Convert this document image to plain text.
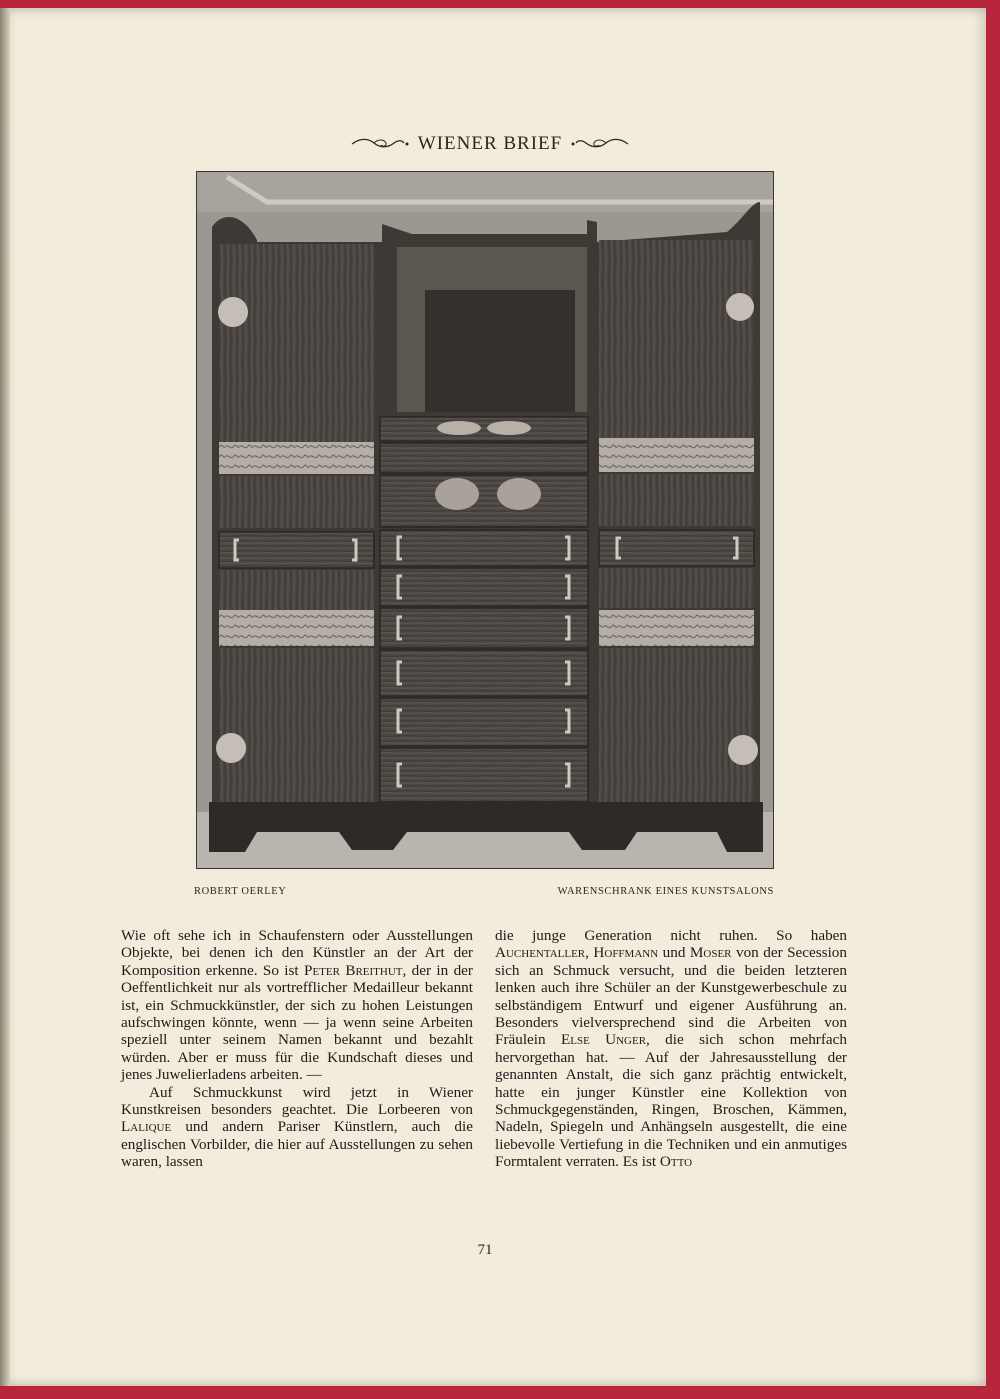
WIENER BRIEF
ROBERT OERLEY	WARENSCHRANK EINES KUNSTSALONS

Wie oft sehe ich in Schaufenstern oder Ausstellungen Objekte, bei denen ich den Künstler an der Art der Komposition erkenne. So ist Peter Breithut, der in der Oeffentlichkeit nur als vortrefflicher Medailleur bekannt ist, ein Schmuckkünstler, der sich zu hohen Leistungen aufschwingen könnte, wenn — ja wenn seine Arbeiten speziell unter seinem Namen bekannt und bezahlt würden. Aber er muss für die Kundschaft dieses und jenes Juwelierladens arbeiten. —

Auf Schmuckkunst wird jetzt in Wiener Kunstkreisen besonders geachtet. Die Lorbeeren von Lalique und andern Pariser Künstlern, auch die englischen Vorbilder, die hier auf Ausstellungen zu sehen waren, lassen

die junge Generation nicht ruhen. So haben Auchentaller, Hoffmann und Moser von der Secession sich an Schmuck versucht, und die beiden letzteren lenken auch ihre Schüler an der Kunstgewerbeschule zu selbständigem Entwurf und eigener Ausführung an. Besonders vielversprechend sind die Arbeiten von Fräulein Else Unger, die sich schon mehrfach hervorgethan hat. — Auf der Jahresausstellung der genannten Anstalt, die sich ganz prächtig entwickelt, hatte ein junger Künstler eine Kollektion von Schmuckgegenständen, Ringen, Broschen, Kämmen, Nadeln, Spiegeln und Anhängseln ausgestellt, die eine liebevolle Vertiefung in die Techniken und ein anmutiges Formtalent verraten. Es ist Otto

71
